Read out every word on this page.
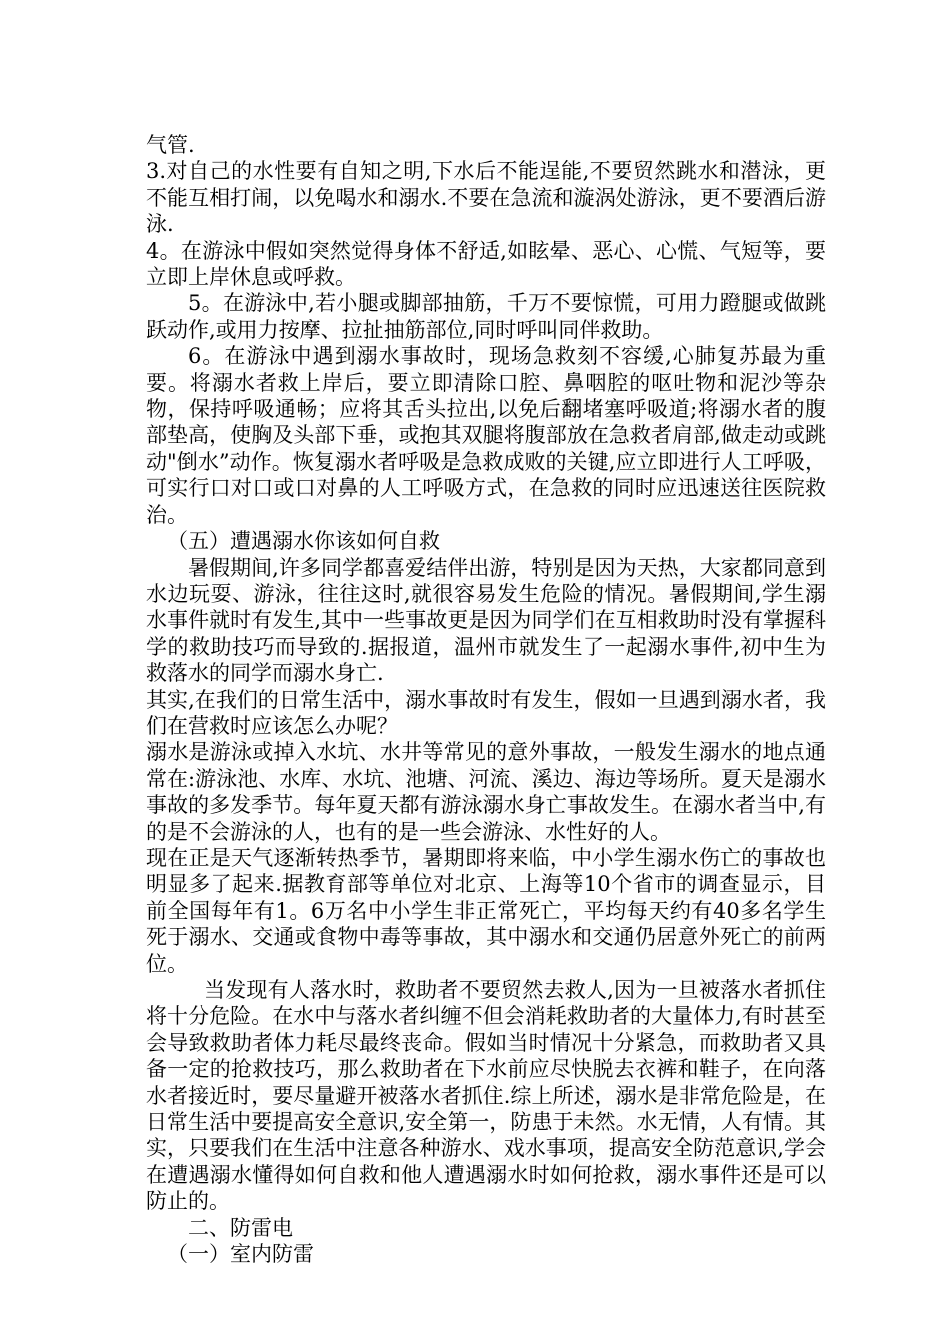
气管.

3.对自己的水性要有自知之明,下水后不能逞能,不要贸然跳水和潜泳，更不能互相打闹，以免喝水和溺水.不要在急流和漩涡处游泳，更不要酒后游泳.

4。在游泳中假如突然觉得身体不舒适,如眩晕、恶心、心慌、气短等，要立即上岸休息或呼救。

5。在游泳中,若小腿或脚部抽筋，千万不要惊慌，可用力蹬腿或做跳跃动作,或用力按摩、拉扯抽筋部位,同时呼叫同伴救助。

6。在游泳中遇到溺水事故时，现场急救刻不容缓,心肺复苏最为重要。将溺水者救上岸后，要立即清除口腔、鼻咽腔的呕吐物和泥沙等杂物，保持呼吸通畅；应将其舌头拉出,以免后翻堵塞呼吸道;将溺水者的腹部垫高，使胸及头部下垂，或抱其双腿将腹部放在急救者肩部,做走动或跳动"倒水”动作。恢复溺水者呼吸是急救成败的关键,应立即进行人工呼吸，可实行口对口或口对鼻的人工呼吸方式，在急救的同时应迅速送往医院救治。

（五）遭遇溺水你该如何自救

暑假期间,许多同学都喜爱结伴出游，特别是因为天热，大家都同意到水边玩耍、游泳，往往这时,就很容易发生危险的情况。暑假期间,学生溺水事件就时有发生,其中一些事故更是因为同学们在互相救助时没有掌握科学的救助技巧而导致的.据报道，温州市就发生了一起溺水事件,初中生为救落水的同学而溺水身亡.

其实,在我们的日常生活中，溺水事故时有发生，假如一旦遇到溺水者，我们在营救时应该怎么办呢？

溺水是游泳或掉入水坑、水井等常见的意外事故，一般发生溺水的地点通常在:游泳池、水库、水坑、池塘、河流、溪边、海边等场所。夏天是溺水事故的多发季节。每年夏天都有游泳溺水身亡事故发生。在溺水者当中,有的是不会游泳的人，也有的是一些会游泳、水性好的人。

现在正是天气逐渐转热季节，暑期即将来临，中小学生溺水伤亡的事故也明显多了起来.据教育部等单位对北京、上海等10个省市的调查显示，目前全国每年有1。6万名中小学生非正常死亡，平均每天约有40多名学生死于溺水、交通或食物中毒等事故，其中溺水和交通仍居意外死亡的前两位。

当发现有人落水时，救助者不要贸然去救人,因为一旦被落水者抓住将十分危险。在水中与落水者纠缠不但会消耗救助者的大量体力,有时甚至会导致救助者体力耗尽最终丧命。假如当时情况十分紧急，而救助者又具备一定的抢救技巧，那么救助者在下水前应尽快脱去衣裤和鞋子，在向落水者接近时，要尽量避开被落水者抓住.综上所述，溺水是非常危险是，在日常生活中要提高安全意识,安全第一，防患于未然。水无情，人有情。其实，只要我们在生活中注意各种游水、戏水事项，提高安全防范意识,学会在遭遇溺水懂得如何自救和他人遭遇溺水时如何抢救，溺水事件还是可以防止的。

二、防雷电

（一）室内防雷
